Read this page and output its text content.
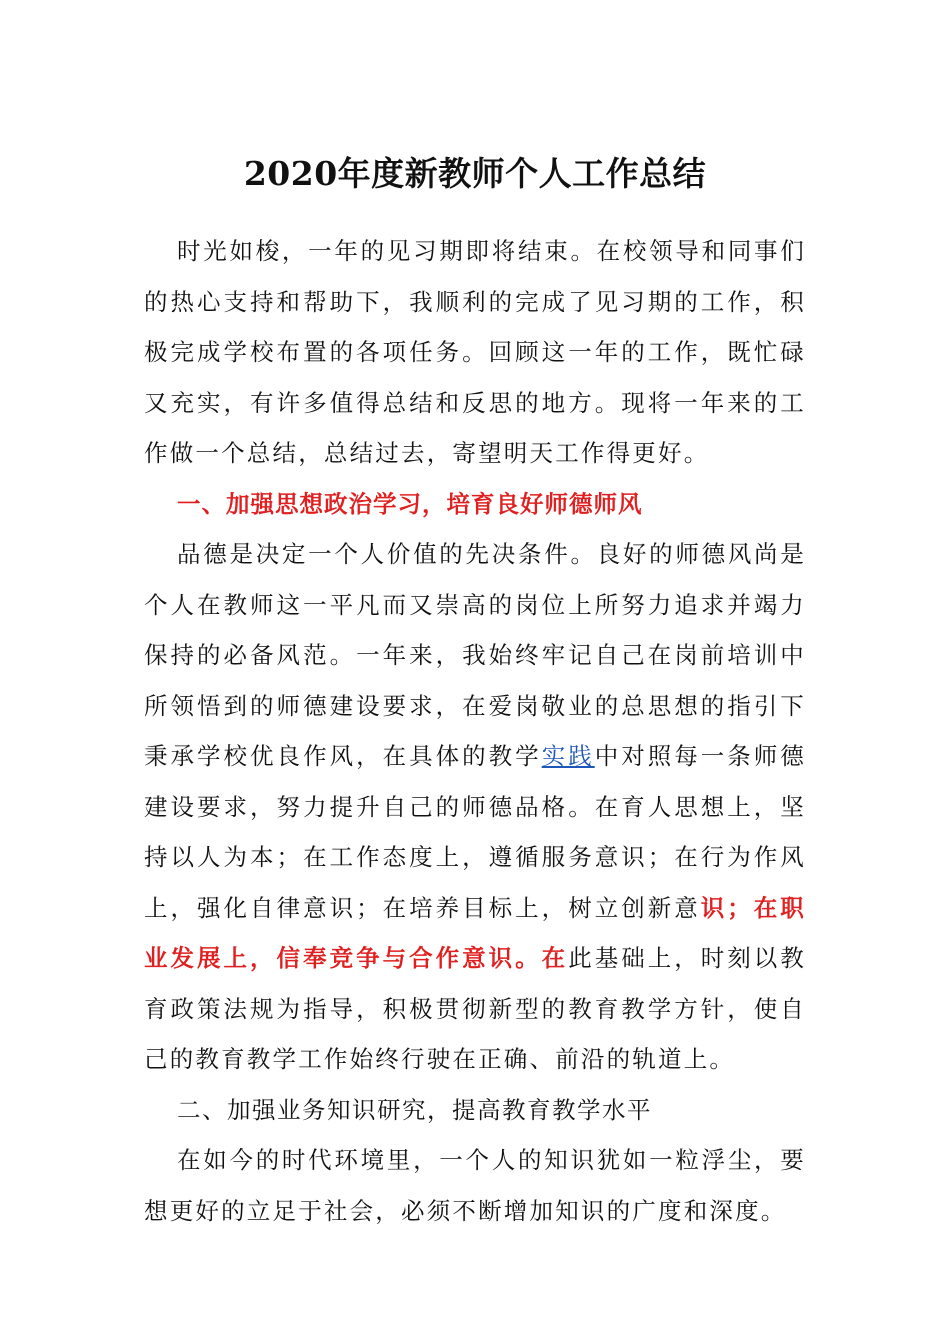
2020年度新教师个人工作总结

时光如梭，一年的见习期即将结束。在校领导和同事们的热心支持和帮助下，我顺利的完成了见习期的工作，积极完成学校布置的各项任务。回顾这一年的工作，既忙碌又充实，有许多值得总结和反思的地方。现将一年来的工作做一个总结，总结过去，寄望明天工作得更好。

一、加强思想政治学习，培育良好师德师风

品德是决定一个人价值的先决条件。良好的师德风尚是个人在教师这一平凡而又崇高的岗位上所努力追求并竭力保持的必备风范。一年来，我始终牢记自己在岗前培训中所领悟到的师德建设要求，在爱岗敬业的总思想的指引下秉承学校优良作风，在具体的教学实践中对照每一条师德建设要求，努力提升自己的师德品格。在育人思想上，坚持以人为本；在工作态度上，遵循服务意识；在行为作风上，强化自律意识；在培养目标上，树立创新意识；在职业发展上，信奉竞争与合作意识。在此基础上，时刻以教育政策法规为指导，积极贯彻新型的教育教学方针，使自己的教育教学工作始终行驶在正确、前沿的轨道上。

二、加强业务知识研究，提高教育教学水平

在如今的时代环境里，一个人的知识犹如一粒浮尘，要想更好的立足于社会，必须不断增加知识的广度和深度。
